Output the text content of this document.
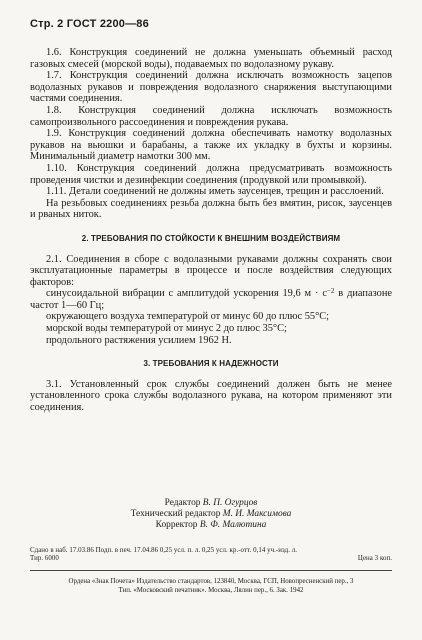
Стр. 2 ГОСТ 2200—86

1.6. Конструкция соединений не должна уменьшать объемный расход газовых смесей (морской воды), подаваемых по водолазному рукаву.

1.7. Конструкция соединений должна исключать возможность зацепов водолазных рукавов и повреждения водолазного снаряжения выступающими частями соединения.

1.8. Конструкция соединений должна исключать возможность самопроизвольного рассоединения и повреждения рукава.

1.9. Конструкция соединений должна обеспечивать намотку водолазных рукавов на вьюшки и барабаны, а также их укладку в бухты и корзины. Минимальный диаметр намотки 300 мм.

1.10. Конструкция соединений должна предусматривать возможность проведения чистки и дезинфекции соединения (продувкой или промывкой).

1.11. Детали соединений не должны иметь заусенцев, трещин и расслоений.

На резьбовых соединениях резьба должна быть без вмятин, рисок, заусенцев и рваных ниток.

2. ТРЕБОВАНИЯ ПО СТОЙКОСТИ К ВНЕШНИМ ВОЗДЕЙСТВИЯМ

2.1. Соединения в сборе с водолазными рукавами должны сохранять свои эксплуатационные параметры в процессе и после воздействия следующих факторов:

синусоидальной вибрации с амплитудой ускорения 19,6 $м \cdot с^{-2}$ в диапазоне частот 1—60 Гц;

окружающего воздуха температурой от минус 60 до плюс 55°С;

морской воды температурой от минус 2 до плюс 35°С;

продольного растяжения усилием 1962 Н.

3. ТРЕБОВАНИЯ К НАДЕЖНОСТИ

3.1. Установленный срок службы соединений должен быть не менее установленного срока службы водолазного рукава, на котором применяют эти соединения.

Редактор В. П. Огурцов
Технический редактор М. И. Максимова
Корректор В. Ф. Малютина
Сдано в наб. 17.03.86 Подп. в печ. 17.04.86 0,25 усл. п. л. 0,25 усл. кр.-отт. 0,14 уч.-изд. л.
Тир. 6000	Цена 3 коп.
Ордена «Знак Почета» Издательство стандартов, 123840, Москва, ГСП, Новопресненский пер., 3
Тип. «Московский печатник». Москва, Лялин пер., 6. Зак. 1942
